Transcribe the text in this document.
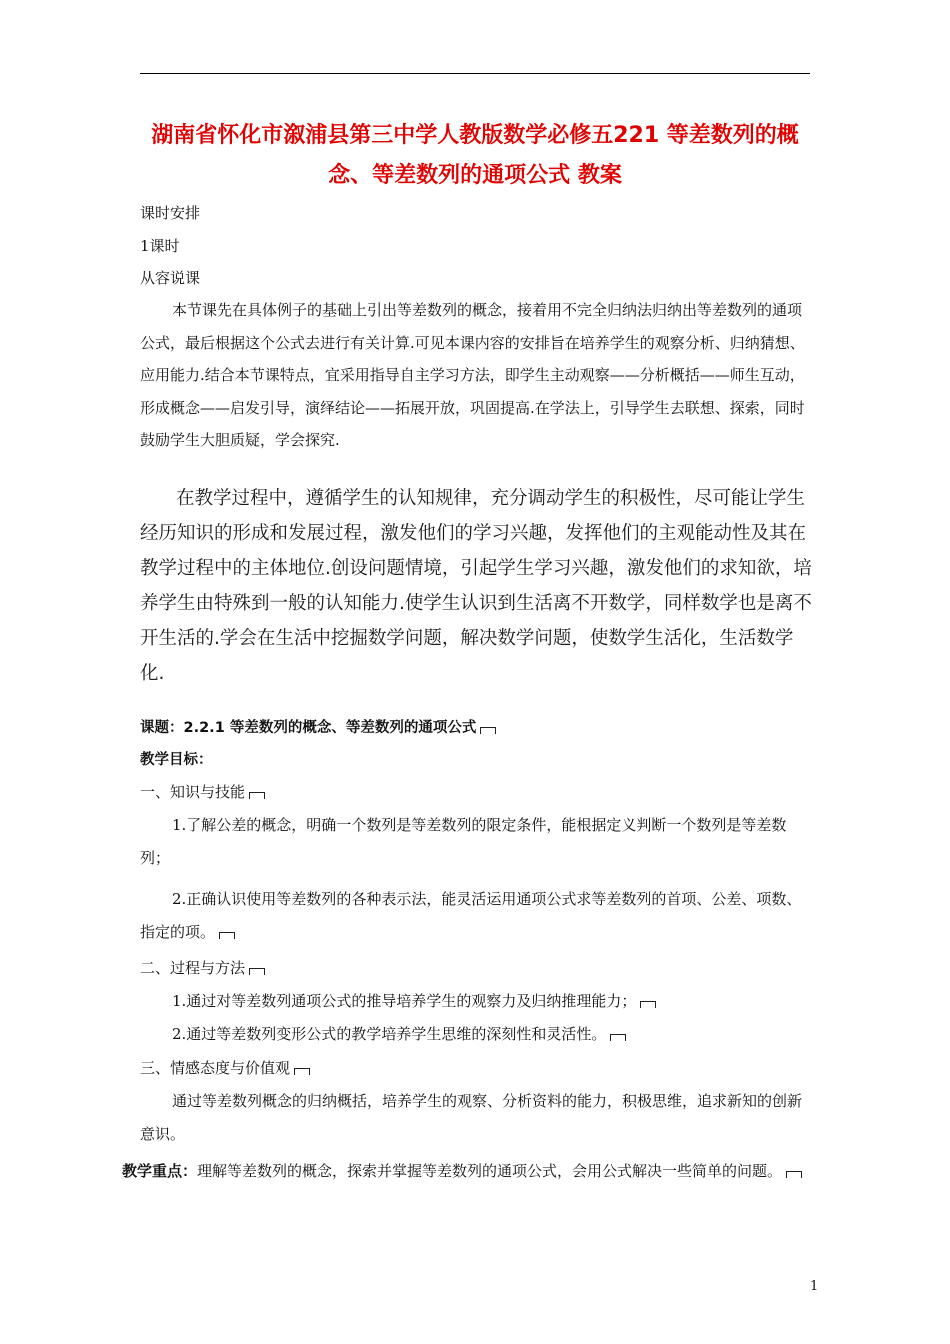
湖南省怀化市溆浦县第三中学人教版数学必修五221 等差数列的概念、等差数列的通项公式 教案
课时安排
1课时
从容说课
本节课先在具体例子的基础上引出等差数列的概念，接着用不完全归纳法归纳出等差数列的通项公式，最后根据这个公式去进行有关计算.可见本课内容的安排旨在培养学生的观察分析、归纳猜想、应用能力.结合本节课特点，宜采用指导自主学习方法，即学生主动观察——分析概括——师生互动，形成概念——启发引导，演绎结论——拓展开放，巩固提高.在学法上，引导学生去联想、探索，同时鼓励学生大胆质疑，学会探究.
在教学过程中，遵循学生的认知规律，充分调动学生的积极性，尽可能让学生经历知识的形成和发展过程，激发他们的学习兴趣，发挥他们的主观能动性及其在教学过程中的主体地位.创设问题情境，引起学生学习兴趣，激发他们的求知欲，培养学生由特殊到一般的认知能力.使学生认识到生活离不开数学，同样数学也是离不开生活的.学会在生活中挖掘数学问题，解决数学问题，使数学生活化，生活数学化.
课题：2.2.1 等差数列的概念、等差数列的通项公式
教学目标：
一、知识与技能
1.了解公差的概念，明确一个数列是等差数列的限定条件，能根据定义判断一个数列是等差数列；
2.正确认识使用等差数列的各种表示法，能灵活运用通项公式求等差数列的首项、公差、项数、指定的项。
二、过程与方法
1.通过对等差数列通项公式的推导培养学生的观察力及归纳推理能力；
2.通过等差数列变形公式的教学培养学生思维的深刻性和灵活性。
三、情感态度与价值观
通过等差数列概念的归纳概括，培养学生的观察、分析资料的能力，积极思维，追求新知的创新意识。
教学重点：理解等差数列的概念，探索并掌握等差数列的通项公式，会用公式解决一些简单的问题。
1
